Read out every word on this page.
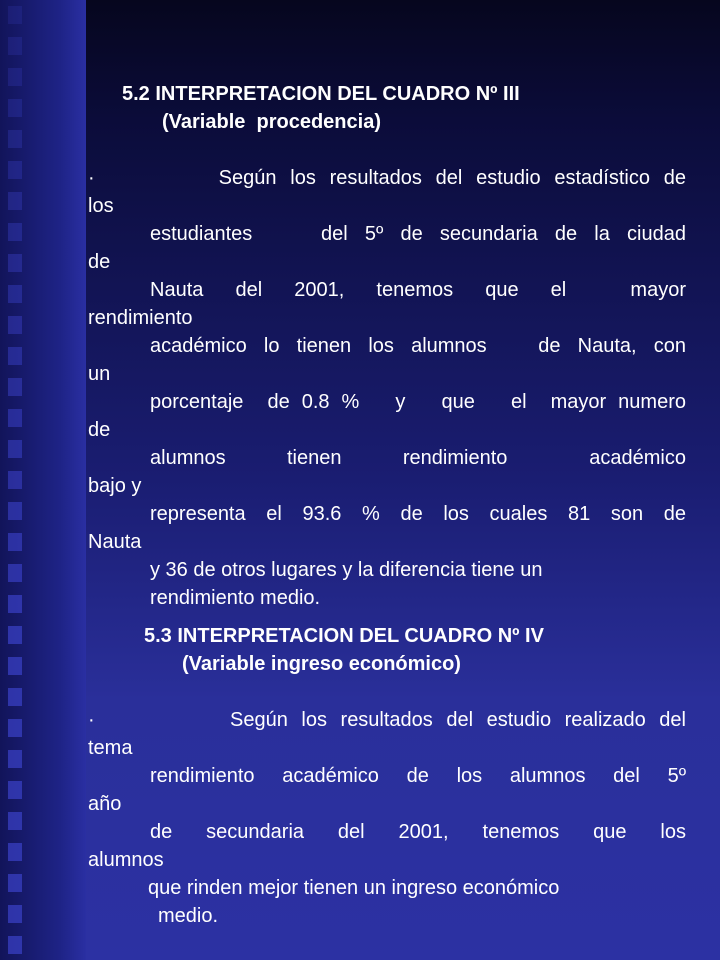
5.2 INTERPRETACION DEL CUADRO Nº III
(Variable  procedencia)
·         Según los resultados del estudio estadístico de
los
estudiantes    del 5º de secundaria de la ciudad
de
Nauta  del  2001,  tenemos  que  el    mayor
rendimiento
académico lo tienen los alumnos   de Nauta, con
un
porcentaje  de 0.8 %   y   que   el  mayor numero
de
alumnos      tienen      rendimiento        académico
bajo y
representa el 93.6 % de los cuales 81 son de
Nauta
y 36 de otros lugares y la diferencia tiene un
rendimiento medio.
5.3 INTERPRETACION DEL CUADRO Nº IV
(Variable ingreso económico)
·          Según los resultados del estudio realizado del
tema
rendimiento académico de los alumnos del 5º
año
de  secundaria  del  2001,  tenemos  que  los
alumnos
que rinden mejor tienen un ingreso económico
medio.
